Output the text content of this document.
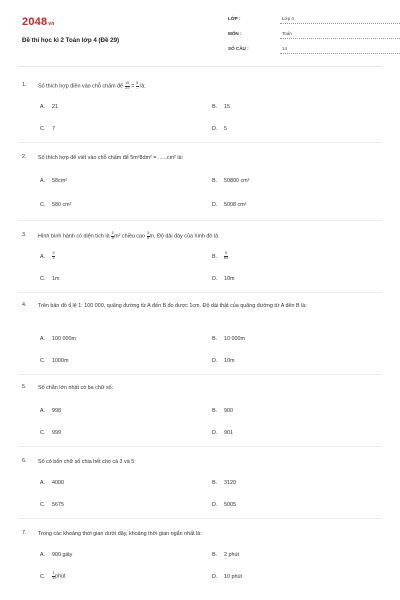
2048vn
Đề thi học kì 2 Toán lớp 4 (Đề 29)
LỚP :	Lớp 4
MÔN :	Toán
SỐ CÂU :	14
1. Số thích hợp điền vào chỗ chấm để $\frac{15}{21} = \frac{5}{...}$ là:
A. 21	B. 15
C. 7	D. 5
2. Số thích hợp để viết vào chỗ chấm để 5m²8dm² = ......cm² là:
A. 58cm²	B. 50800 cm²
C. 580 cm²	D. 5008 cm²
3. Hình bình hành có diện tích là $\frac{5}{8} m^2$ chiều cao $\frac{3}{8} m$. Độ dài đáy của hình đó là
A. $\frac{5}{3}$	B. $\frac{5}{64}$
C. 1m	D. 10m
4. Trên bản đồ tỉ lệ 1: 100 000, quãng đường từ A đến B đo được 1cm. Độ dài thật của quãng đường từ A đến B là:
A. 100 000m	B. 10 000m
C. 1000m	D. 10m
5. Số chẵn lớn nhất có ba chữ số:
A. 998	B. 900
C. 999	D. 901
6. Số có bốn chữ số chia hết cho cả 3 và 5:
A. 4000	B. 3120
C. 5675	D. 5005
7. Trong các khoảng thời gian dưới đây, khoảng thời gian ngắn nhất là:
A. 900 giây	B. 2 phút
C. $\frac{1}{5}$ phút	D. 10 phút
